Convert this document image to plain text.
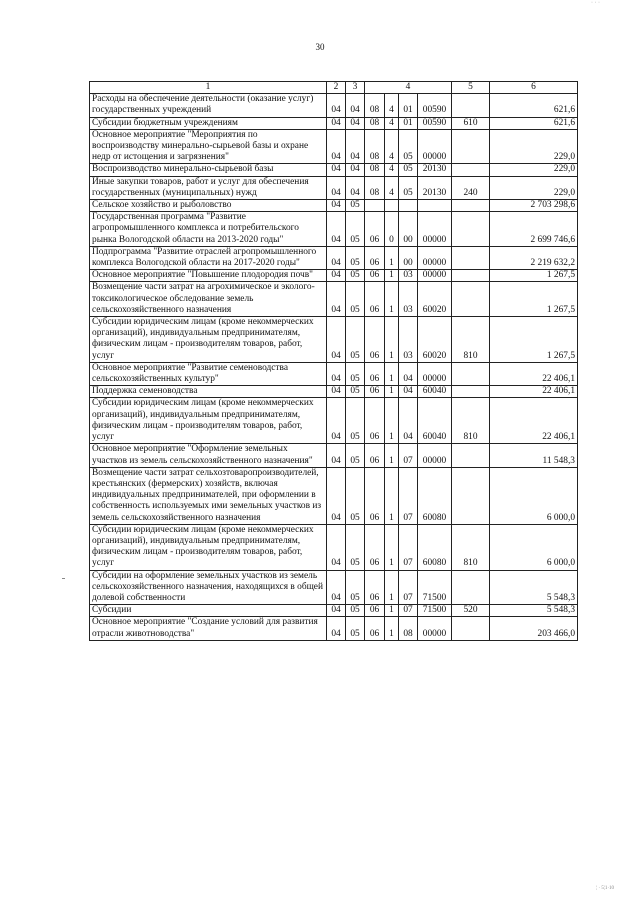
· · ·
30
1	2	3	4				5	6
Расходы на обеспечение деятельности (оказание услуг) государственных учреждений	04	04	08	4	01	00590		621,6
Субсидии бюджетным учреждениям	04	04	08	4	01	00590	610	621,6
Основное мероприятие "Мероприятия по воспроизводству минерально-сырьевой базы и охране недр от истощения и загрязнения"	04	04	08	4	05	00000		229,0
Воспроизводство минерально-сырьевой базы	04	04	08	4	05	20130		229,0
Иные закупки товаров, работ и услуг для обеспечения государственных (муниципальных) нужд	04	04	08	4	05	20130	240	229,0
Сельское хозяйство и рыболовство	04	05						2 703 298,6
Государственная программа "Развитие агропромышленного комплекса и потребительского рынка Вологодской области на 2013-2020 годы"	04	05	06	0	00	00000		2 699 746,6
Подпрограмма "Развитие отраслей агропромышленного комплекса Вологодской области на 2017-2020 годы"	04	05	06	1	00	00000		2 219 632,2
Основное мероприятие "Повышение плодородия почв"	04	05	06	1	03	00000		1 267,5
Возмещение части затрат на агрохимическое и эколого-токсикологическое обследование земель сельскохозяйственного назначения	04	05	06	1	03	60020		1 267,5
Субсидии юридическим лицам (кроме некоммерческих организаций), индивидуальным предпринимателям, физическим лицам - производителям товаров, работ, услуг	04	05	06	1	03	60020	810	1 267,5
Основное мероприятие "Развитие семеноводства сельскохозяйственных культур"	04	05	06	1	04	00000		22 406,1
Поддержка семеноводства	04	05	06	1	04	60040		22 406,1
Субсидии юридическим лицам (кроме некоммерческих организаций), индивидуальным предпринимателям, физическим лицам - производителям товаров, работ, услуг	04	05	06	1	04	60040	810	22 406,1
Основное мероприятие "Оформление земельных участков из земель сельскохозяйственного назначения"	04	05	06	1	07	00000		11 548,3
Возмещение части затрат сельхозтоваропроизводителей, крестьянских (фермерских) хозяйств, включая индивидуальных предпринимателей, при оформлении в собственность используемых ими земельных участков из земель сельскохозяйственного назначения	04	05	06	1	07	60080		6 000,0
Субсидии юридическим лицам (кроме некоммерческих организаций), индивидуальным предпринимателям, физическим лицам - производителям товаров, работ, услуг	04	05	06	1	07	60080	810	6 000,0
Субсидии на оформление земельных участков из земель сельскохозяйственного назначения, находящихся в общей долевой собственности	04	05	06	1	07	71500		5 548,3
Субсидии	04	05	06	1	07	71500	520	5 548,3
Основное мероприятие "Создание условий для развития отрасли животноводства"	04	05	06	1	08	00000		203 466,0
¦ · 5¦1·10
